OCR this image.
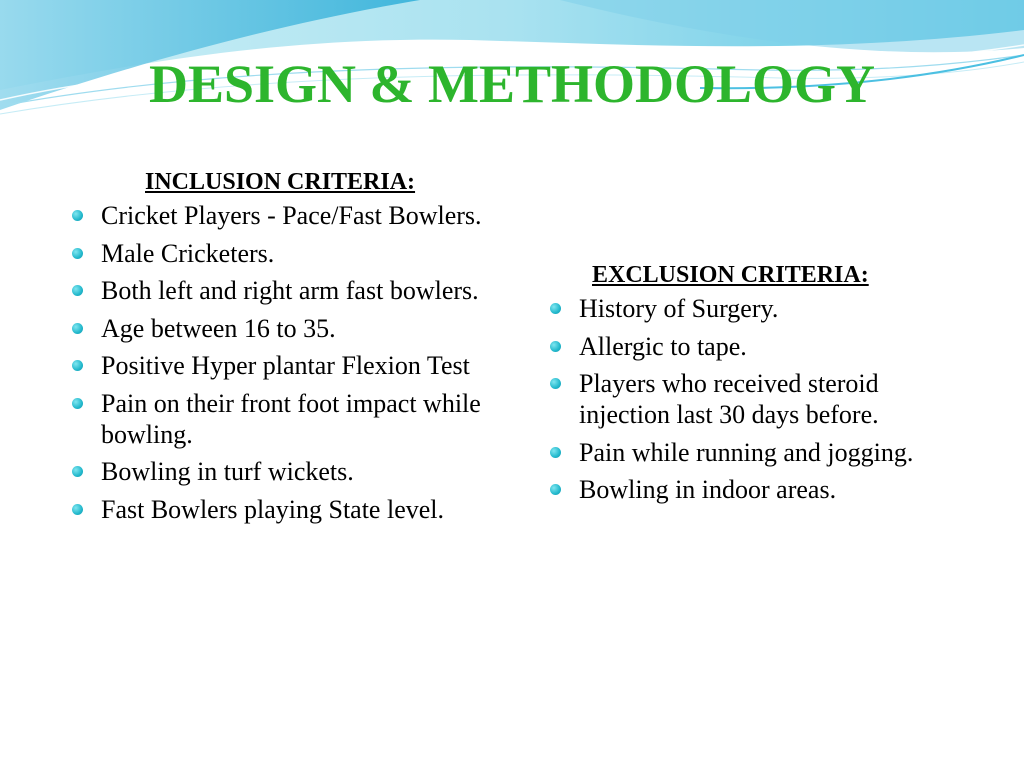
DESIGN & METHODOLOGY
INCLUSION CRITERIA:
Cricket Players - Pace/Fast Bowlers.
Male Cricketers.
Both left and right arm fast bowlers.
Age between 16 to 35.
Positive Hyper plantar Flexion Test
Pain on their front foot impact while bowling.
Bowling in turf wickets.
Fast Bowlers playing State level.
EXCLUSION CRITERIA:
History of Surgery.
Allergic to tape.
Players who received steroid injection last 30 days before.
Pain while running and jogging.
Bowling in indoor areas.
